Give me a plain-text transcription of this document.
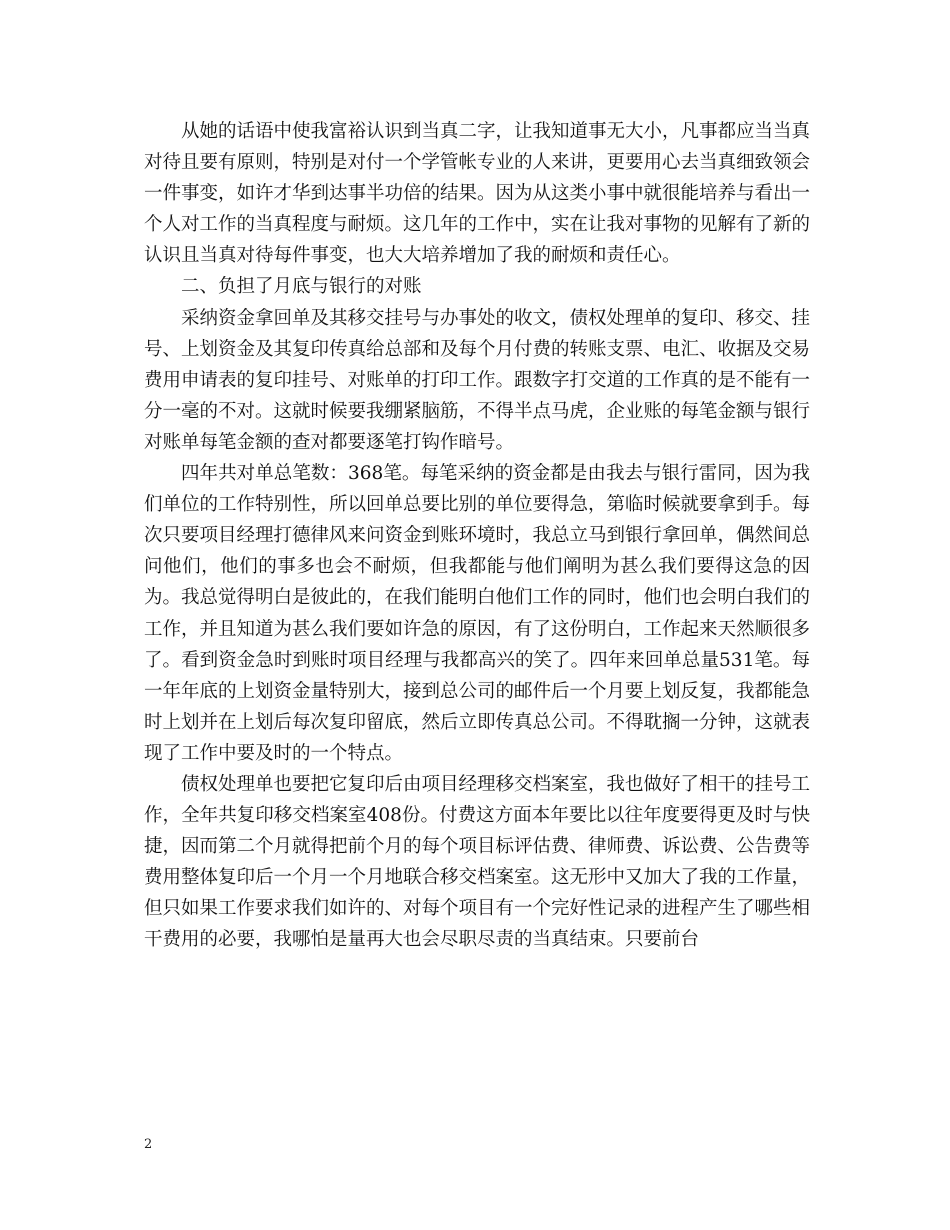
从她的话语中使我富裕认识到当真二字，让我知道事无大小，凡事都应当当真对待且要有原则，特别是对付一个学管帐专业的人来讲，更要用心去当真细致领会一件事变，如许才华到达事半功倍的结果。因为从这类小事中就很能培养与看出一个人对工作的当真程度与耐烦。这几年的工作中，实在让我对事物的见解有了新的认识且当真对待每件事变，也大大培养增加了我的耐烦和责任心。

二、负担了月底与银行的对账

采纳资金拿回单及其移交挂号与办事处的收文，债权处理单的复印、移交、挂号、上划资金及其复印传真给总部和及每个月付费的转账支票、电汇、收据及交易费用申请表的复印挂号、对账单的打印工作。跟数字打交道的工作真的是不能有一分一毫的不对。这就时候要我绷紧脑筋，不得半点马虎，企业账的每笔金额与银行对账单每笔金额的查对都要逐笔打钩作暗号。

四年共对单总笔数：368笔。每笔采纳的资金都是由我去与银行雷同，因为我们单位的工作特别性，所以回单总要比别的单位要得急，第临时候就要拿到手。每次只要项目经理打德律风来问资金到账环境时，我总立马到银行拿回单，偶然间总问他们，他们的事多也会不耐烦，但我都能与他们阐明为甚么我们要得这急的因为。我总觉得明白是彼此的，在我们能明白他们工作的同时，他们也会明白我们的工作，并且知道为甚么我们要如许急的原因，有了这份明白，工作起来天然顺很多了。看到资金急时到账时项目经理与我都高兴的笑了。四年来回单总量531笔。每一年年底的上划资金量特别大，接到总公司的邮件后一个月要上划反复，我都能急时上划并在上划后每次复印留底，然后立即传真总公司。不得耽搁一分钟，这就表现了工作中要及时的一个特点。

债权处理单也要把它复印后由项目经理移交档案室，我也做好了相干的挂号工作，全年共复印移交档案室408份。付费这方面本年要比以往年度要得更及时与快捷，因而第二个月就得把前个月的每个项目标评估费、律师费、诉讼费、公告费等费用整体复印后一个月一个月地联合移交档案室。这无形中又加大了我的工作量，但只如果工作要求我们如许的、对每个项目有一个完好性记录的进程产生了哪些相干费用的必要，我哪怕是量再大也会尽职尽责的当真结束。只要前台

2
